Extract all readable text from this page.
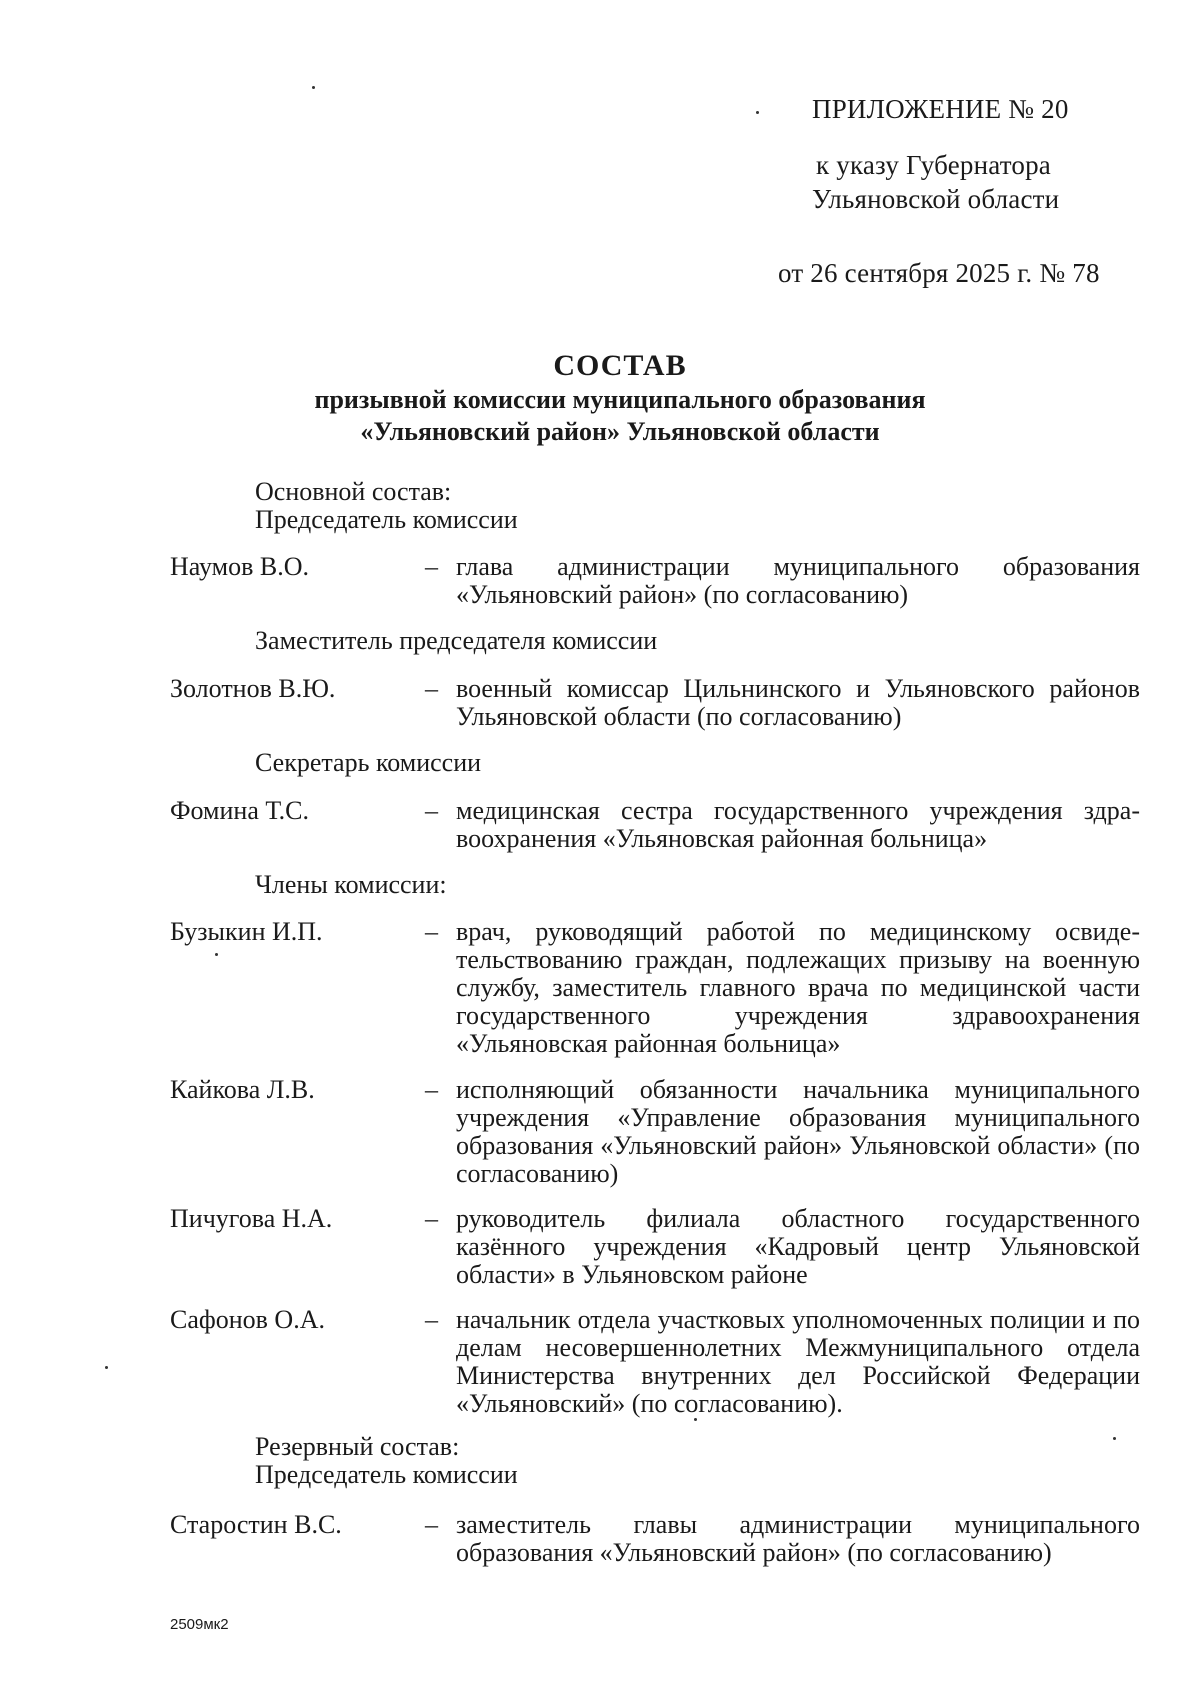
ПРИЛОЖЕНИЕ № 20
к указу Губернатора
Ульяновской области
от 26 сентября 2025 г. № 78
СОСТАВ
призывной комиссии муниципального образования
«Ульяновский район» Ульяновской области
Основной состав:
Председатель комиссии
Наумов В.О.	– глава администрации муниципального образования «Ульяновский район» (по согласованию)
Заместитель председателя комиссии
Золотнов В.Ю.	– военный комиссар Цильнинского и Ульяновского районов Ульяновской области (по согласованию)
Секретарь комиссии
Фомина Т.С.	– медицинская сестра государственного учреждения здравоохранения «Ульяновская районная больница»
Члены комиссии:
Бузыкин И.П.	– врач, руководящий работой по медицинскому освидетельствованию граждан, подлежащих призыву на военную службу, заместитель главного врача по медицинской части государственного учреждения здравоохранения «Ульяновская районная больница»
Кайкова Л.В.	– исполняющий обязанности начальника муниципального учреждения «Управление образования муниципального образования «Ульяновский район» Ульяновской области» (по согласованию)
Пичугова Н.А.	– руководитель филиала областного государственного казённого учреждения «Кадровый центр Ульяновской области» в Ульяновском районе
Сафонов О.А.	– начальник отдела участковых уполномоченных полиции и по делам несовершеннолетних Межмуниципального отдела Министерства внутренних дел Российской Федерации «Ульяновский» (по согласованию).
Резервный состав:
Председатель комиссии
Старостин В.С.	– заместитель главы администрации муниципального образования «Ульяновский район» (по согласованию)
2509мк2
